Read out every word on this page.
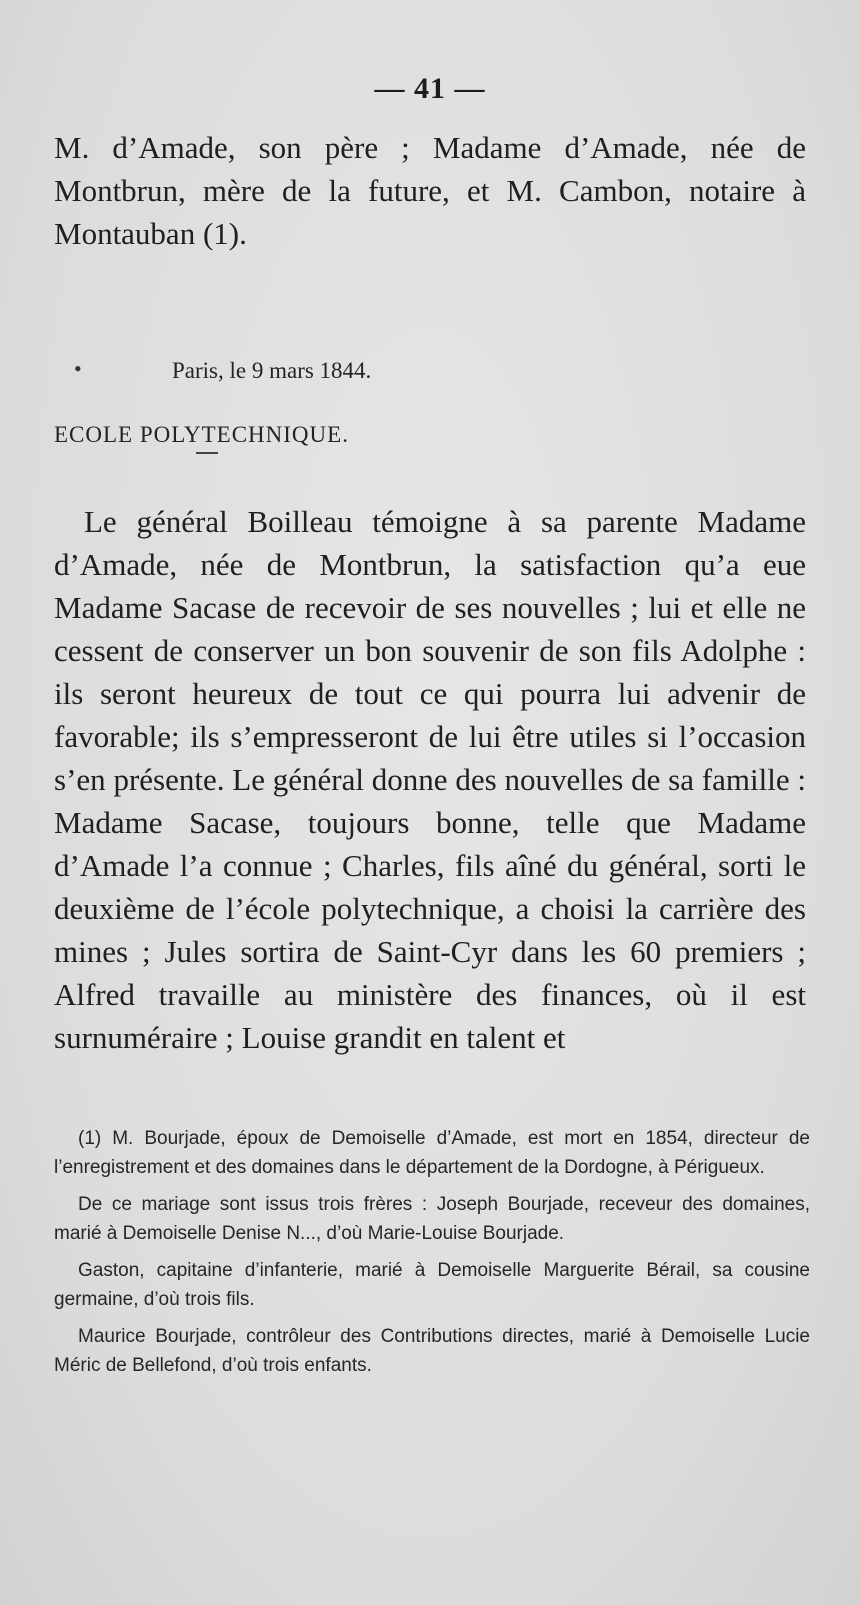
— 41 —

M. d’Amade, son père ; Madame d’Amade, née de Montbrun, mère de la future, et M. Cambon, notaire à Montauban (1).

•	Paris, le 9 mars 1844.
ECOLE POLYTECHNIQUE.

Le général Boilleau témoigne à sa parente Madame d’Amade, née de Montbrun, la satisfaction qu’a eue Madame Sacase de recevoir de ses nouvelles ; lui et elle ne cessent de conserver un bon souvenir de son fils Adolphe : ils seront heureux de tout ce qui pourra lui advenir de favorable; ils s’empresseront de lui être utiles si l’occasion s’en présente. Le général donne des nouvelles de sa famille : Madame Sacase, toujours bonne, telle que Madame d’Amade l’a connue ; Charles, fils aîné du général, sorti le deuxième de l’école polytechnique, a choisi la carrière des mines ; Jules sortira de Saint-Cyr dans les 60 premiers ; Alfred travaille au ministère des finances, où il est surnuméraire ; Louise grandit en talent et

(1) M. Bourjade, époux de Demoiselle d’Amade, est mort en 1854, directeur de l’enregistrement et des domaines dans le département de la Dordogne, à Périgueux.

De ce mariage sont issus trois frères : Joseph Bourjade, receveur des domaines, marié à Demoiselle Denise N..., d’où Marie-Louise Bourjade.

Gaston, capitaine d’infanterie, marié à Demoiselle Marguerite Bérail, sa cousine germaine, d’où trois fils.

Maurice Bourjade, contrôleur des Contributions directes, marié à Demoiselle Lucie Méric de Bellefond, d’où trois enfants.
